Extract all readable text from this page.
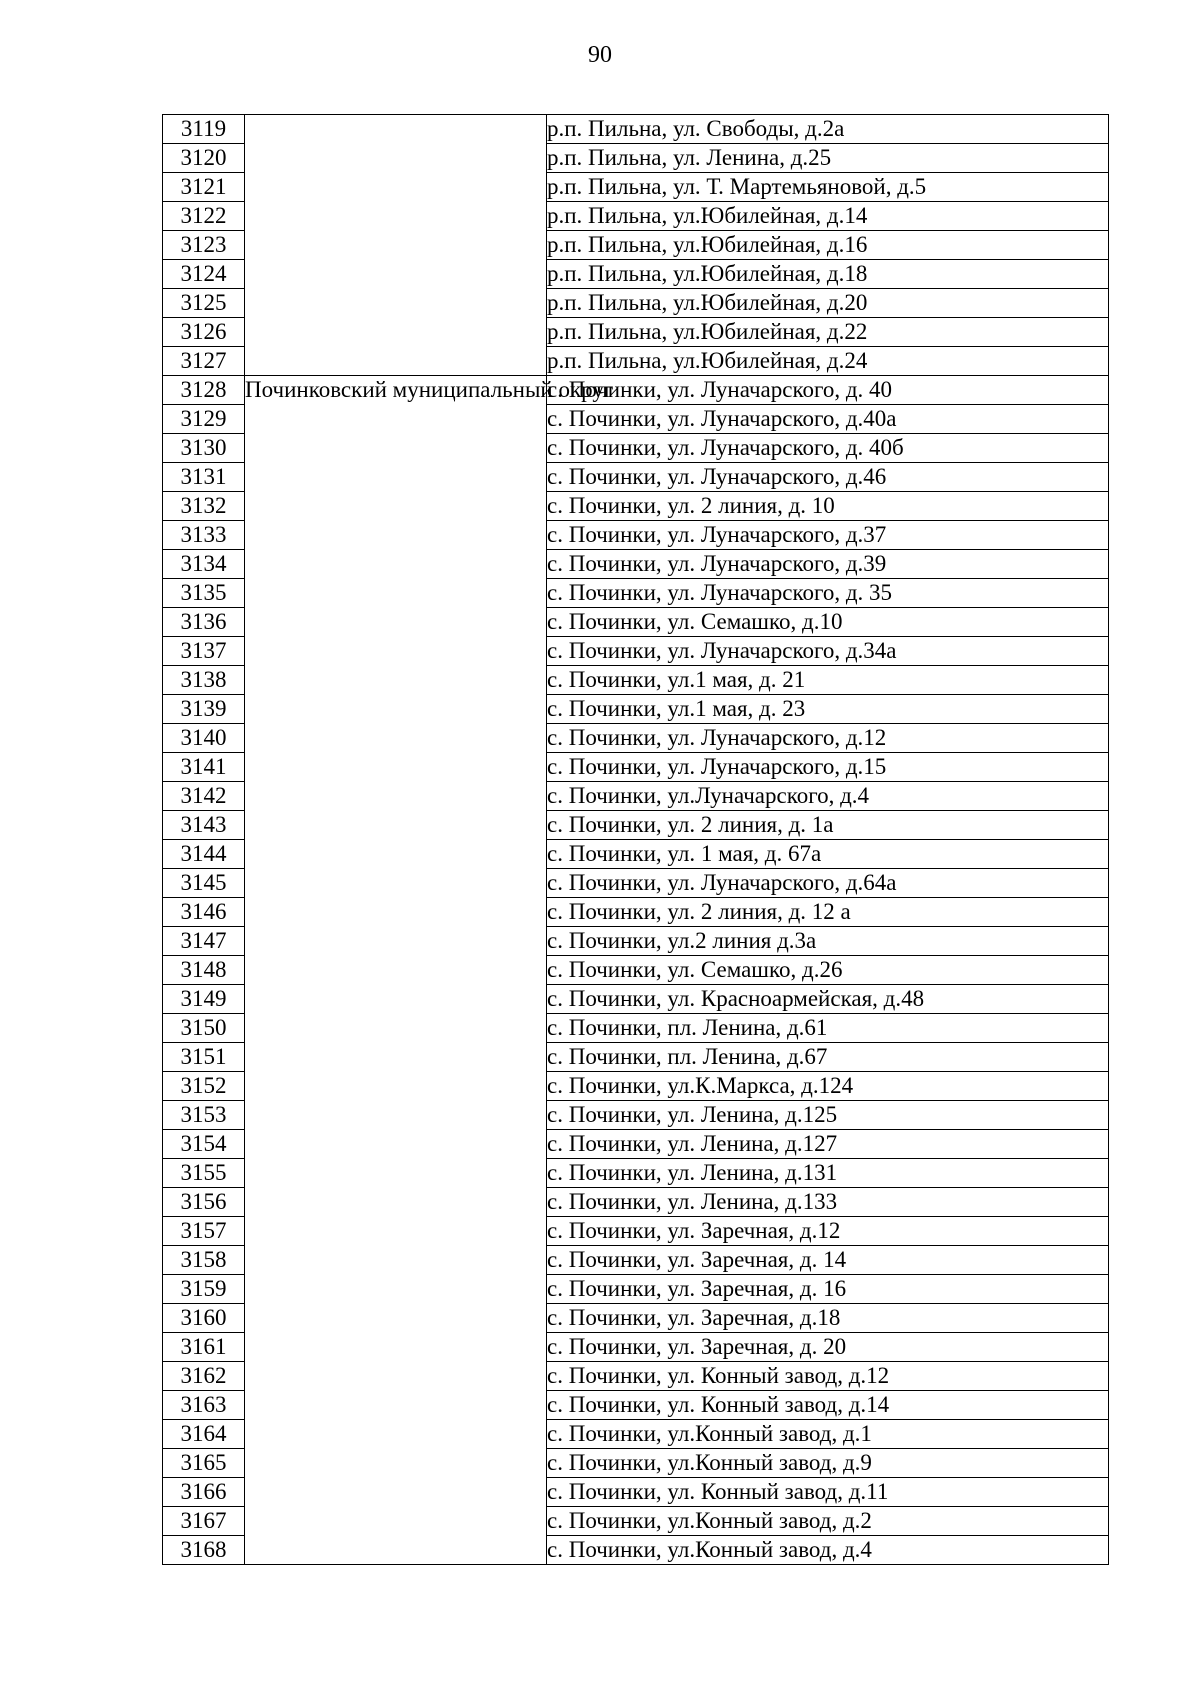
90
3119		р.п. Пильна, ул. Свободы, д.2а
3120		р.п. Пильна, ул. Ленина, д.25
3121		р.п. Пильна, ул. Т. Мартемьяновой, д.5
3122		р.п. Пильна, ул.Юбилейная, д.14
3123		р.п. Пильна, ул.Юбилейная, д.16
3124		р.п. Пильна, ул.Юбилейная, д.18
3125		р.п. Пильна, ул.Юбилейная, д.20
3126		р.п. Пильна, ул.Юбилейная, д.22
3127		р.п. Пильна, ул.Юбилейная, д.24
3128	Починковский муниципальный округ	с. Починки, ул. Луначарского, д. 40
3129		с. Починки, ул. Луначарского, д.40а
3130		с. Починки, ул. Луначарского, д. 40б
3131		с. Починки, ул. Луначарского, д.46
3132		с. Починки, ул. 2 линия, д. 10
3133		с. Починки, ул. Луначарского, д.37
3134		с. Починки, ул. Луначарского, д.39
3135		с. Починки, ул. Луначарского, д. 35
3136		с. Починки, ул. Семашко, д.10
3137		с. Починки, ул. Луначарского, д.34а
3138		с. Починки, ул.1 мая, д. 21
3139		с. Починки, ул.1 мая, д. 23
3140		с. Починки, ул. Луначарского, д.12
3141		с. Починки, ул. Луначарского, д.15
3142		с. Починки, ул.Луначарского, д.4
3143		с. Починки, ул. 2 линия, д. 1а
3144		с. Починки, ул. 1 мая, д. 67а
3145		с. Починки, ул. Луначарского, д.64а
3146		с. Починки, ул. 2 линия, д. 12 а
3147		с. Починки, ул.2 линия д.3а
3148		с. Починки, ул. Семашко, д.26
3149		с. Починки, ул. Красноармейская, д.48
3150		с. Починки, пл. Ленина, д.61
3151		с. Починки, пл. Ленина, д.67
3152		с. Починки, ул.К.Маркса, д.124
3153		с. Починки, ул. Ленина, д.125
3154		с. Починки, ул. Ленина, д.127
3155		с. Починки, ул. Ленина, д.131
3156		с. Починки, ул. Ленина, д.133
3157		с. Починки, ул. Заречная, д.12
3158		с. Починки, ул. Заречная, д. 14
3159		с. Починки, ул. Заречная, д. 16
3160		с. Починки, ул. Заречная, д.18
3161		с. Починки, ул. Заречная, д. 20
3162		с. Починки, ул. Конный завод, д.12
3163		с. Починки, ул. Конный завод, д.14
3164		с. Починки, ул.Конный завод, д.1
3165		с. Починки, ул.Конный завод, д.9
3166		с. Починки, ул. Конный завод, д.11
3167		с. Починки, ул.Конный завод, д.2
3168		с. Починки, ул.Конный завод, д.4
